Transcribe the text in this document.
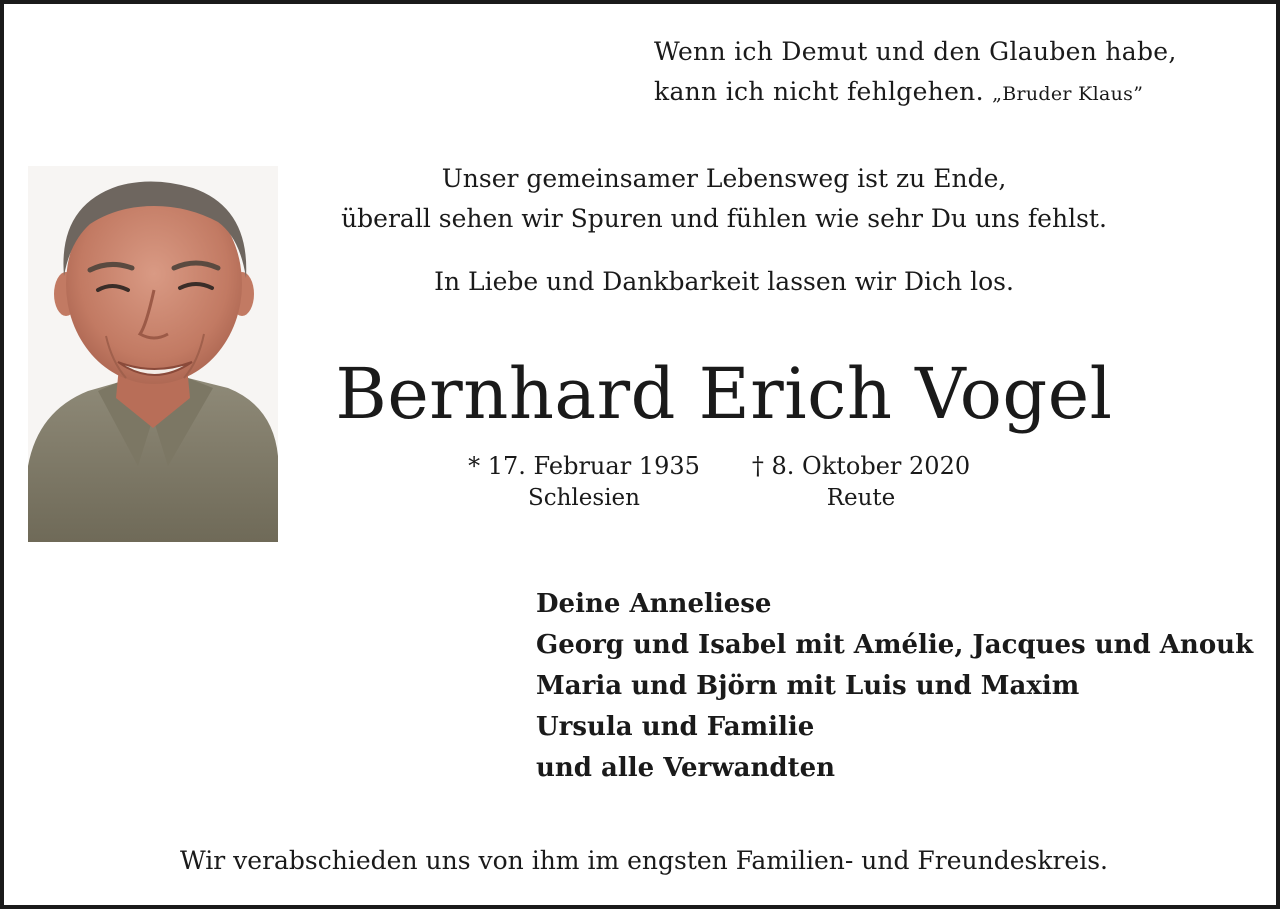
Wenn ich Demut und den Glauben habe,
kann ich nicht fehlgehen. „Bruder Klaus”
Unser gemeinsamer Lebensweg ist zu Ende,
überall sehen wir Spuren und fühlen wie sehr Du uns fehlst.
In Liebe und Dankbarkeit lassen wir Dich los.
Bernhard Erich Vogel
* 17. Februar 1935
Schlesien
† 8. Oktober 2020
Reute
Deine Anneliese
Georg und Isabel mit Amélie, Jacques und Anouk
Maria und Björn mit Luis und Maxim
Ursula und Familie
und alle Verwandten
Wir verabschieden uns von ihm im engsten Familien- und Freundeskreis.
